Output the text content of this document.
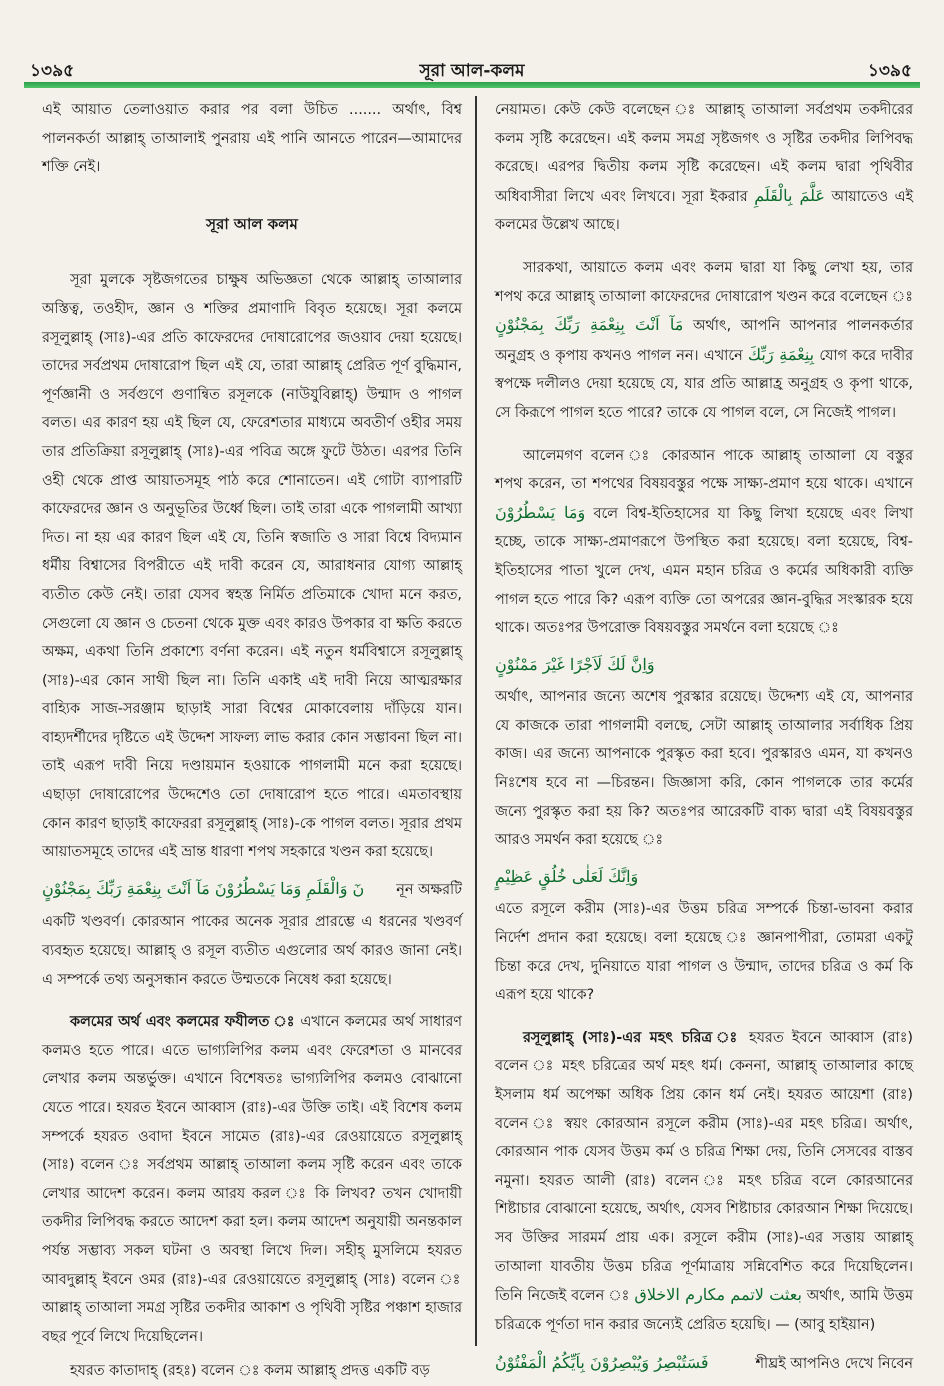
১৩৯৫	সূরা আল-কলম	১৩৯৫

এই আয়াত তেলাওয়াত করার পর বলা উচিত ....... অর্থাৎ, বিশ্ব পালনকর্তা আল্লাহ্ তাআলাই পুনরায় এই পানি আনতে পারেন—আমাদের শক্তি নেই।

সূরা আল কলম

সূরা মুলকে সৃষ্টজগতের চাক্ষুষ অভিজ্ঞতা থেকে আল্লাহ্ তাআলার অস্তিত্ব, তওহীদ, জ্ঞান ও শক্তির প্রমাণাদি বিবৃত হয়েছে। সূরা কলমে রসূলুল্লাহ্ (সাঃ)-এর প্রতি কাফেরদের দোষারোপের জওয়াব দেয়া হয়েছে। তাদের সর্বপ্রথম দোষারোপ ছিল এই যে, তারা আল্লাহ্ প্রেরিত পূর্ণ বুদ্ধিমান, পূর্ণজ্ঞানী ও সর্বগুণে গুণান্বিত রসূলকে (নাউযুবিল্লাহ্) উন্মাদ ও পাগল বলত। এর কারণ হয় এই ছিল যে, ফেরেশতার মাধ্যমে অবতীর্ণ ওহীর সময় তার প্রতিক্রিয়া রসূলুল্লাহ্ (সাঃ)-এর পবিত্র অঙ্গে ফুটে উঠত। এরপর তিনি ওহী থেকে প্রাপ্ত আয়াতসমূহ পাঠ করে শোনাতেন। এই গোটা ব্যাপারটি কাফেরদের জ্ঞান ও অনুভূতির উর্ধ্বে ছিল। তাই তারা একে পাগলামী আখ্যা দিত। না হয় এর কারণ ছিল এই যে, তিনি স্বজাতি ও সারা বিশ্বে বিদ্যমান ধর্মীয় বিশ্বাসের বিপরীতে এই দাবী করেন যে, আরাধনার যোগ্য আল্লাহ্ ব্যতীত কেউ নেই। তারা যেসব স্বহস্ত নির্মিত প্রতিমাকে খোদা মনে করত, সেগুলো যে জ্ঞান ও চেতনা থেকে মুক্ত এবং কারও উপকার বা ক্ষতি করতে অক্ষম, একথা তিনি প্রকাশ্যে বর্ণনা করেন। এই নতুন ধর্মবিশ্বাসে রসূলুল্লাহ্ (সাঃ)-এর কোন সাথী ছিল না। তিনি একাই এই দাবী নিয়ে আত্মরক্ষার বাহ্যিক সাজ-সরঞ্জাম ছাড়াই সারা বিশ্বের মোকাবেলায় দাঁড়িয়ে যান। বাহ্যদর্শীদের দৃষ্টিতে এই উদ্দেশ সাফল্য লাভ করার কোন সম্ভাবনা ছিল না। তাই এরূপ দাবী নিয়ে দণ্ডায়মান হওয়াকে পাগলামী মনে করা হয়েছে। এছাড়া দোষারোপের উদ্দেশেও তো দোষারোপ হতে পারে। এমতাবস্থায় কোন কারণ ছাড়াই কাফেররা রসূলুল্লাহ্ (সাঃ)-কে পাগল বলত। সূরার প্রথম আয়াতসমূহে তাদের এই ভ্রান্ত ধারণা শপথ সহকারে খণ্ডন করা হয়েছে।

نٓ وَالْقَلَمِ وَمَا يَسْطُرُوْنَ مَآ اَنْتَ بِنِعْمَةِ رَبِّكَ بِمَجْنُوْنٍ নূন অক্ষরটি

একটি খণ্ডবর্ণ। কোরআন পাকের অনেক সূরার প্রারম্ভে এ ধরনের খণ্ডবর্ণ ব্যবহৃত হয়েছে। আল্লাহ্ ও রসূল ব্যতীত এগুলোর অর্থ কারও জানা নেই। এ সম্পর্কে তথ্য অনুসন্ধান করতে উম্মতকে নিষেধ করা হয়েছে।

কলমের অর্থ এবং কলমের ফযীলত ঃ এখানে কলমের অর্থ সাধারণ কলমও হতে পারে। এতে ভাগ্যলিপির কলম এবং ফেরেশতা ও মানবের লেখার কলম অন্তর্ভুক্ত। এখানে বিশেষতঃ ভাগ্যলিপির কলমও বোঝানো যেতে পারে। হযরত ইবনে আব্বাস (রাঃ)-এর উক্তি তাই। এই বিশেষ কলম সম্পর্কে হযরত ওবাদা ইবনে সামেত (রাঃ)-এর রেওয়ায়েতে রসূলুল্লাহ্ (সাঃ) বলেন ঃ সর্বপ্রথম আল্লাহ্ তাআলা কলম সৃষ্টি করেন এবং তাকে লেখার আদেশ করেন। কলম আরয করল ঃ কি লিখব? তখন খোদায়ী তকদীর লিপিবদ্ধ করতে আদেশ করা হল। কলম আদেশ অনুযায়ী অনন্তকাল পর্যন্ত সম্ভাব্য সকল ঘটনা ও অবস্থা লিখে দিল। সহীহ্ মুসলিমে হযরত আবদুল্লাহ্ ইবনে ওমর (রাঃ)-এর রেওয়ায়েতে রসূলুল্লাহ্ (সাঃ) বলেন ঃ আল্লাহ্ তাআলা সমগ্র সৃষ্টির তকদীর আকাশ ও পৃথিবী সৃষ্টির পঞ্চাশ হাজার বছর পূর্বে লিখে দিয়েছিলেন।

হযরত কাতাদাহ্ (রহঃ) বলেন ঃ কলম আল্লাহ্ প্রদত্ত একটি বড়

নেয়ামত। কেউ কেউ বলেছেন ঃ আল্লাহ্ তাআলা সর্বপ্রথম তকদীরের কলম সৃষ্টি করেছেন। এই কলম সমগ্র সৃষ্টজগৎ ও সৃষ্টির তকদীর লিপিবদ্ধ করেছে। এরপর দ্বিতীয় কলম সৃষ্টি করেছেন। এই কলম দ্বারা পৃথিবীর অধিবাসীরা লিখে এবং লিখবে। সূরা ইকরার عَلَّمَ بِالْقَلَمِ আয়াতেও এই কলমের উল্লেখ আছে।

সারকথা, আয়াতে কলম এবং কলম দ্বারা যা কিছু লেখা হয়, তার শপথ করে আল্লাহ্ তাআলা কাফেরদের দোষারোপ খণ্ডন করে বলেছেন ঃ مَآ اَنْتَ بِنِعْمَةِ رَبِّكَ بِمَجْنُوْنٍ অর্থাৎ, আপনি আপনার পালনকর্তার অনুগ্রহ ও কৃপায় কখনও পাগল নন। এখানে بِنِعْمَةِ رَبِّكَ যোগ করে দাবীর স্বপক্ষে দলীলও দেয়া হয়েছে যে, যার প্রতি আল্লাহ্র অনুগ্রহ ও কৃপা থাকে, সে কিরূপে পাগল হতে পারে? তাকে যে পাগল বলে, সে নিজেই পাগল।

আলেমগণ বলেন ঃ কোরআন পাকে আল্লাহ্ তাআলা যে বস্তুর শপথ করেন, তা শপথের বিষয়বস্তুর পক্ষে সাক্ষ্য-প্রমাণ হয়ে থাকে। এখানে وَمَا يَسْطُرُوْنَ বলে বিশ্ব-ইতিহাসের যা কিছু লিখা হয়েছে এবং লিখা হচ্ছে, তাকে সাক্ষ্য-প্রমাণরূপে উপস্থিত করা হয়েছে। বলা হয়েছে, বিশ্ব-ইতিহাসের পাতা খুলে দেখ, এমন মহান চরিত্র ও কর্মের অধিকারী ব্যক্তি পাগল হতে পারে কি? এরূপ ব্যক্তি তো অপরের জ্ঞান-বুদ্ধির সংস্কারক হয়ে থাকে। অতঃপর উপরোক্ত বিষয়বস্তুর সমর্থনে বলা হয়েছে ঃ

وَاِنَّ لَكَ لَاَجْرًا غَيْرَ مَمْنُوْنٍ

অর্থাৎ, আপনার জন্যে অশেষ পুরস্কার রয়েছে। উদ্দেশ্য এই যে, আপনার যে কাজকে তারা পাগলামী বলছে, সেটা আল্লাহ্ তাআলার সর্বাধিক প্রিয় কাজ। এর জন্যে আপনাকে পুরস্কৃত করা হবে। পুরস্কারও এমন, যা কখনও নিঃশেষ হবে না —চিরন্তন। জিজ্ঞাসা করি, কোন পাগলকে তার কর্মের জন্যে পুরস্কৃত করা হয় কি? অতঃপর আরেকটি বাক্য দ্বারা এই বিষয়বস্তুর আরও সমর্থন করা হয়েছে ঃ

وَاِنَّكَ لَعَلٰى خُلُقٍ عَظِيْمٍ

এতে রসূলে করীম (সাঃ)-এর উত্তম চরিত্র সম্পর্কে চিন্তা-ভাবনা করার নির্দেশ প্রদান করা হয়েছে। বলা হয়েছে ঃ জ্ঞানপাপীরা, তোমরা একটু চিন্তা করে দেখ, দুনিয়াতে যারা পাগল ও উন্মাদ, তাদের চরিত্র ও কর্ম কি এরূপ হয়ে থাকে?

রসূলুল্লাহ্ (সাঃ)-এর মহৎ চরিত্র ঃ হযরত ইবনে আব্বাস (রাঃ) বলেন ঃ মহৎ চরিত্রের অর্থ মহৎ ধর্ম। কেননা, আল্লাহ্ তাআলার কাছে ইসলাম ধর্ম অপেক্ষা অধিক প্রিয় কোন ধর্ম নেই। হযরত আয়েশা (রাঃ) বলেন ঃ স্বয়ং কোরআন রসূলে করীম (সাঃ)-এর মহৎ চরিত্র। অর্থাৎ, কোরআন পাক যেসব উত্তম কর্ম ও চরিত্র শিক্ষা দেয়, তিনি সেসবের বাস্তব নমুনা। হযরত আলী (রাঃ) বলেন ঃ মহৎ চরিত্র বলে কোরআনের শিষ্টাচার বোঝানো হয়েছে, অর্থাৎ, যেসব শিষ্টাচার কোরআন শিক্ষা দিয়েছে। সব উক্তির সারমর্ম প্রায় এক। রসূলে করীম (সাঃ)-এর সত্তায় আল্লাহ্ তাআলা যাবতীয় উত্তম চরিত্র পূর্ণমাত্রায় সন্নিবেশিত করে দিয়েছিলেন। তিনি নিজেই বলেন ঃ بعثت لاتمم مكارم الاخلاق অর্থাৎ, আমি উত্তম চরিত্রকে পূর্ণতা দান করার জন্যেই প্রেরিত হয়েছি। — (আবু হাইয়ান)

فَسَتُبْصِرُ وَيُبْصِرُوْنَ بِاَيِّكُمُ الْمَفْتُوْنُ	শীঘ্রই আপনিও দেখে নিবেন
